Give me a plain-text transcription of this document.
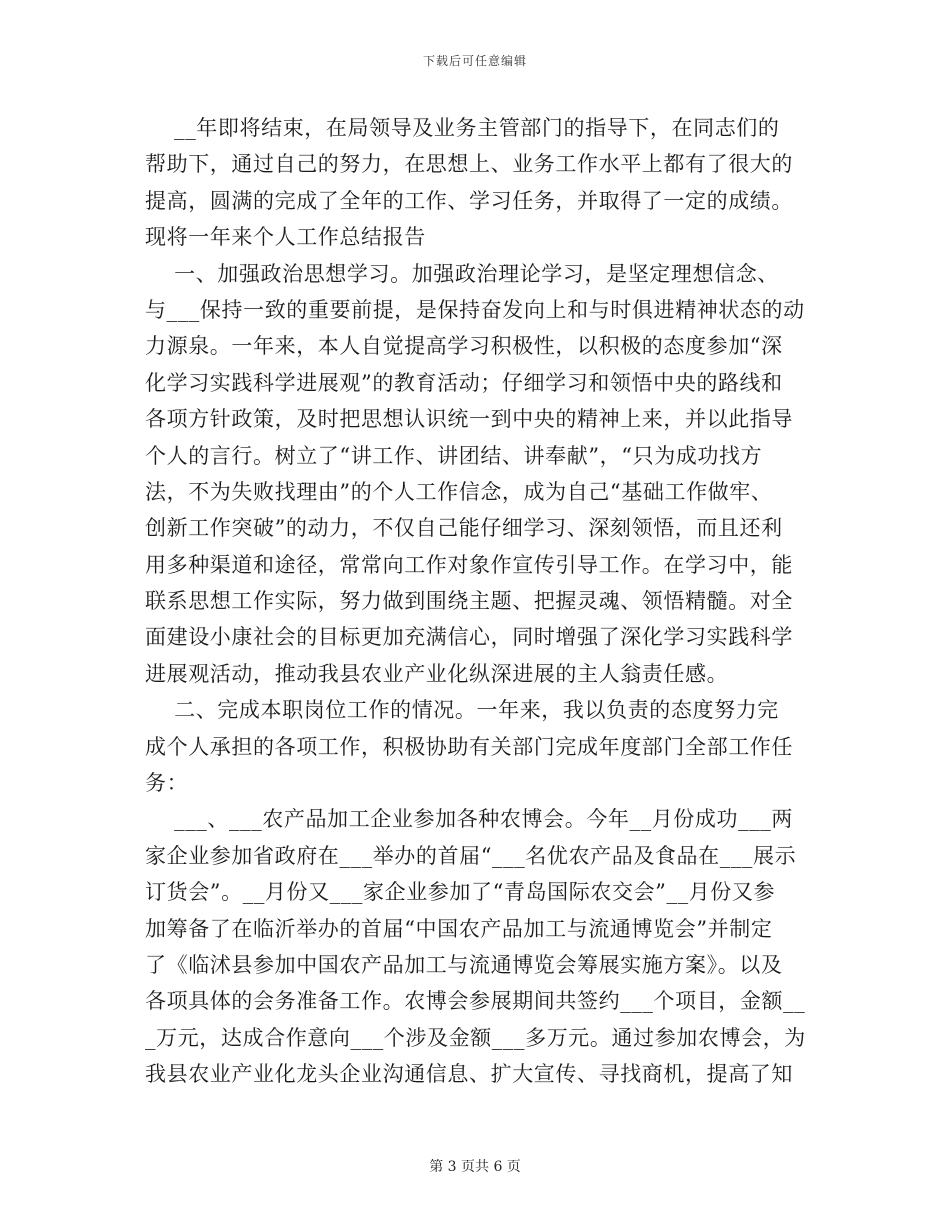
下载后可任意编辑
__年即将结束，在局领导及业务主管部门的指导下，在同志们的
帮助下，通过自己的努力，在思想上、业务工作水平上都有了很大的
提高，圆满的完成了全年的工作、学习任务，并取得了一定的成绩。
现将一年来个人工作总结报告
一、加强政治思想学习。加强政治理论学习，是坚定理想信念、
与___保持一致的重要前提，是保持奋发向上和与时俱进精神状态的动
力源泉。一年来，本人自觉提高学习积极性，以积极的态度参加“深
化学习实践科学进展观”的教育活动；仔细学习和领悟中央的路线和
各项方针政策，及时把思想认识统一到中央的精神上来，并以此指导
个人的言行。树立了“讲工作、讲团结、讲奉献”，“只为成功找方
法，不为失败找理由”的个人工作信念，成为自己“基础工作做牢、
创新工作突破”的动力，不仅自己能仔细学习、深刻领悟，而且还利
用多种渠道和途径，常常向工作对象作宣传引导工作。在学习中，能
联系思想工作实际，努力做到围绕主题、把握灵魂、领悟精髓。对全
面建设小康社会的目标更加充满信心，同时增强了深化学习实践科学
进展观活动，推动我县农业产业化纵深进展的主人翁责任感。
二、完成本职岗位工作的情况。一年来，我以负责的态度努力完
成个人承担的各项工作，积极协助有关部门完成年度部门全部工作任
务：
___、___农产品加工企业参加各种农博会。今年__月份成功___两
家企业参加省政府在___举办的首届“___名优农产品及食品在___展示
订货会”。__月份又___家企业参加了“青岛国际农交会”__月份又参
加筹备了在临沂举办的首届“中国农产品加工与流通博览会”并制定
了《临沭县参加中国农产品加工与流通博览会筹展实施方案》。以及
各项具体的会务准备工作。农博会参展期间共签约___个项目，金额__
_万元，达成合作意向___个涉及金额___多万元。通过参加农博会，为
我县农业产业化龙头企业沟通信息、扩大宣传、寻找商机，提高了知
第 3 页共 6 页
